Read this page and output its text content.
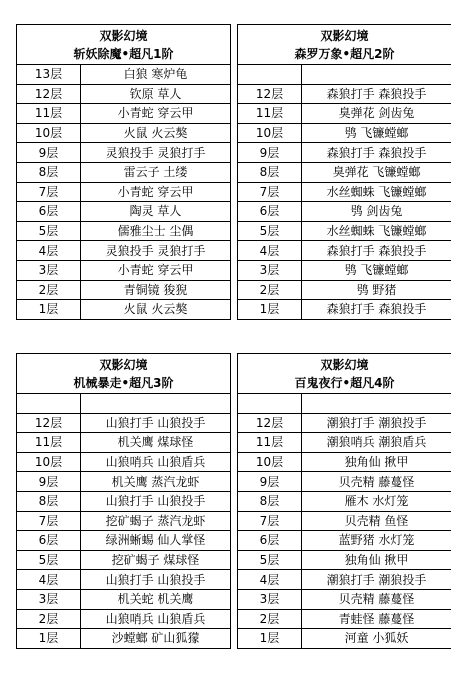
双影幻境
斩妖除魔•超凡1阶	

13层	白狼 寒炉龟
12层	钦原 草人
11层	小青蛇 穿云甲
10层	火鼠 火云獒
9层	灵狼投手 灵狼打手
8层	雷云子 土缕
7层	小青蛇 穿云甲
6层	陶灵 草人
5层	儒雅尘士 尘偶
4层	灵狼投手 灵狼打手
3层	小青蛇 穿云甲
2层	青铜镜 狻猊
1层	火鼠 火云獒
双影幻境
森罗万象•超凡2阶	

12层	森狼打手 森狼投手
11层	臭弹花 剑齿兔
10层	鸮 飞镰螳螂
9层	森狼打手 森狼投手
8层	臭弹花 飞镰螳螂
7层	水丝蜘蛛 飞镰螳螂
6层	鸮 剑齿兔
5层	水丝蜘蛛 飞镰螳螂
4层	森狼打手 森狼投手
3层	鸮 飞镰螳螂
2层	鸮 野猪
1层	森狼打手 森狼投手
双影幻境
机械暴走•超凡3阶	

12层	山狼打手 山狼投手
11层	机关鹰 煤球怪
10层	山狼哨兵 山狼盾兵
9层	机关鹰 蒸汽龙虾
8层	山狼打手 山狼投手
7层	挖矿蝎子 蒸汽龙虾
6层	绿洲蜥蜴 仙人掌怪
5层	挖矿蝎子 煤球怪
4层	山狼打手 山狼投手
3层	机关蛇 机关鹰
2层	山狼哨兵 山狼盾兵
1层	沙螳螂 矿山狐獴
双影幻境
百鬼夜行•超凡4阶	

12层	潮狼打手 潮狼投手
11层	潮狼哨兵 潮狼盾兵
10层	独角仙 揪甲
9层	贝壳精 藤蔓怪
8层	雁木 水灯笼
7层	贝壳精 鱼怪
6层	蓝野猪 水灯笼
5层	独角仙 揪甲
4层	潮狼打手 潮狼投手
3层	贝壳精 藤蔓怪
2层	青蛙怪 藤蔓怪
1层	河童 小狐妖
